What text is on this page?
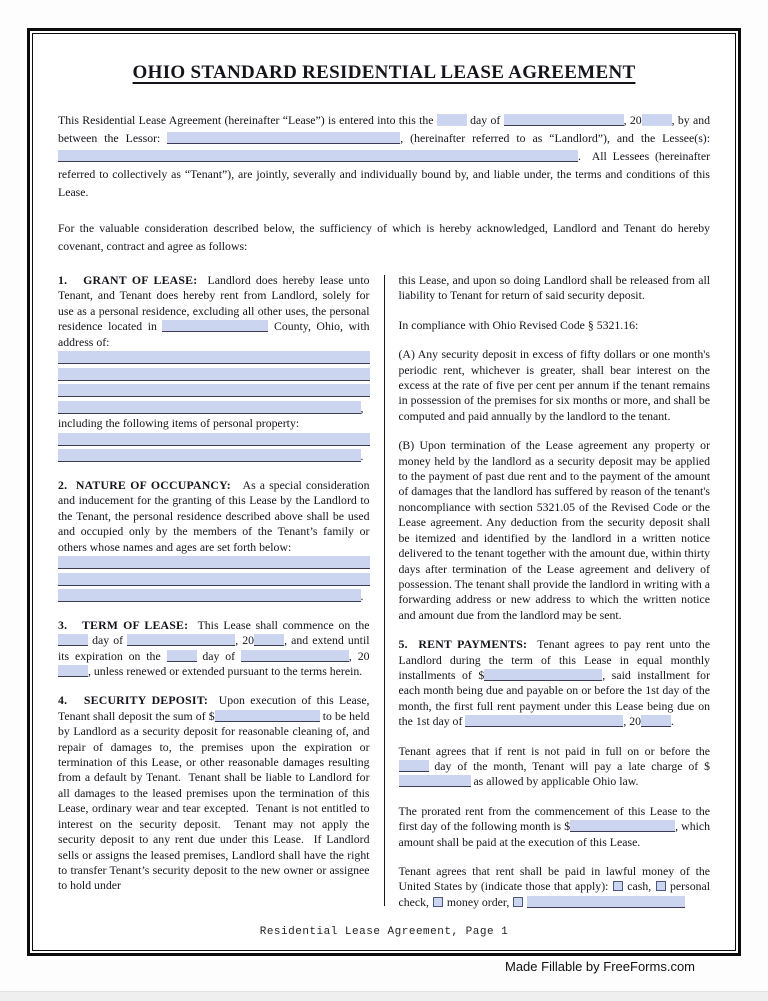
OHIO STANDARD RESIDENTIAL LEASE AGREEMENT

This Residential Lease Agreement (hereinafter “Lease”) is entered into this the	day of	, 20	, by and between the Lessor:	, (hereinafter referred to as “Landlord”), and the Lessee(s): .  All Lessees (hereinafter referred to collectively as “Tenant”), are jointly, severally and individually bound by, and liable under, the terms and conditions of this Lease.

For the valuable consideration described below, the sufficiency of which is hereby acknowledged, Landlord and Tenant do hereby covenant, contract and agree as follows:

1.   GRANT OF LEASE:  Landlord does hereby lease unto Tenant, and Tenant does hereby rent from Landlord, solely for use as a personal residence, excluding all other uses, the personal residence located in	County, Ohio, with address of:

,

including the following items of personal property:

.

2.  NATURE OF OCCUPANCY:   As a special consideration and inducement for the granting of this Lease by the Landlord to the Tenant, the personal residence described above shall be used and occupied only by the members of the Tenant’s family or others whose names and ages are set forth below:

.

3.   TERM OF LEASE:  This Lease shall commence on the  day of	, 20	, and extend until its expiration on the	day of	, 20, unless renewed or extended pursuant to the terms herein.

4.   SECURITY DEPOSIT:  Upon execution of this Lease, Tenant shall deposit the sum of $	to be held by Landlord as a security deposit for reasonable cleaning of, and repair of damages to, the premises upon the expiration or termination of this Lease, or other reasonable damages resulting from a default by Tenant.  Tenant shall be liable to Landlord for all damages to the leased premises upon the termination of this Lease, ordinary wear and tear excepted.  Tenant is not entitled to interest on the security deposit.  Tenant may not apply the security deposit to any rent due under this Lease.  If Landlord sells or assigns the leased premises, Landlord shall have the right to transfer Tenant’s security deposit to the new owner or assignee to hold under

this Lease, and upon so doing Landlord shall be released from all liability to Tenant for return of said security deposit.

In compliance with Ohio Revised Code § 5321.16:

(A) Any security deposit in excess of fifty dollars or one month's periodic rent, whichever is greater, shall bear interest on the excess at the rate of five per cent per annum if the tenant remains in possession of the premises for six months or more, and shall be computed and paid annually by the landlord to the tenant.

(B) Upon termination of the Lease agreement any property or money held by the landlord as a security deposit may be applied to the payment of past due rent and to the payment of the amount of damages that the landlord has suffered by reason of the tenant's noncompliance with section 5321.05 of the Revised Code or the Lease agreement. Any deduction from the security deposit shall be itemized and identified by the landlord in a written notice delivered to the tenant together with the amount due, within thirty days after termination of the Lease agreement and delivery of possession. The tenant shall provide the landlord in writing with a forwarding address or new address to which the written notice and amount due from the landlord may be sent.

5.  RENT PAYMENTS:  Tenant agrees to pay rent unto the Landlord during the term of this Lease in equal monthly installments of $	, said installment for each month being due and payable on or before the 1st day of the month, the first full rent payment under this Lease being due on the 1st day of	, 20	.

Tenant agrees that if rent is not paid in full on or before the  day of the month, Tenant will pay a late charge of $ as allowed by applicable Ohio law.

The prorated rent from the commencement of this Lease to the first day of the following month is $	, which amount shall be paid at the execution of this Lease.

Tenant agrees that rent shall be paid in lawful money of the United States by (indicate those that apply):  cash,  personal check,  money order,

Residential Lease Agreement, Page 1
Made Fillable by FreeForms.com
